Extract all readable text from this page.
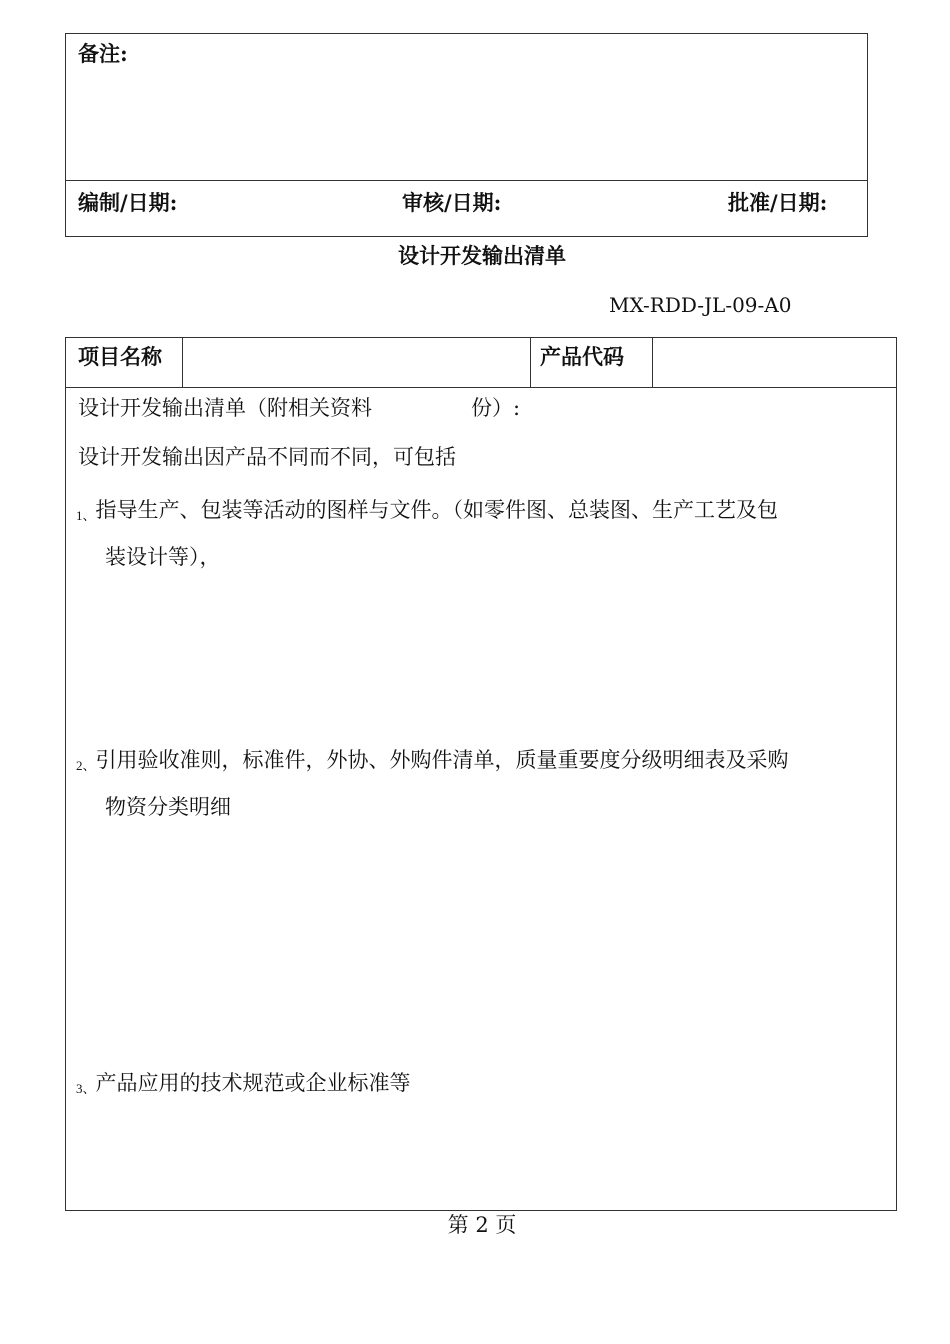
备注:
编制/日期:	审核/日期:	批准/日期:
设计开发输出清单
MX-RDD-JL-09-A0
项目名称	产品代码
设计开发输出清单（附相关资料	份）:
设计开发输出因产品不同而不同，可包括
1、指导生产、包装等活动的图样与文件。（如零件图、总装图、生产工艺及包
装设计等），
2、引用验收准则，标准件，外协、外购件清单，质量重要度分级明细表及采购
物资分类明细
3、产品应用的技术规范或企业标准等
第 2 页
